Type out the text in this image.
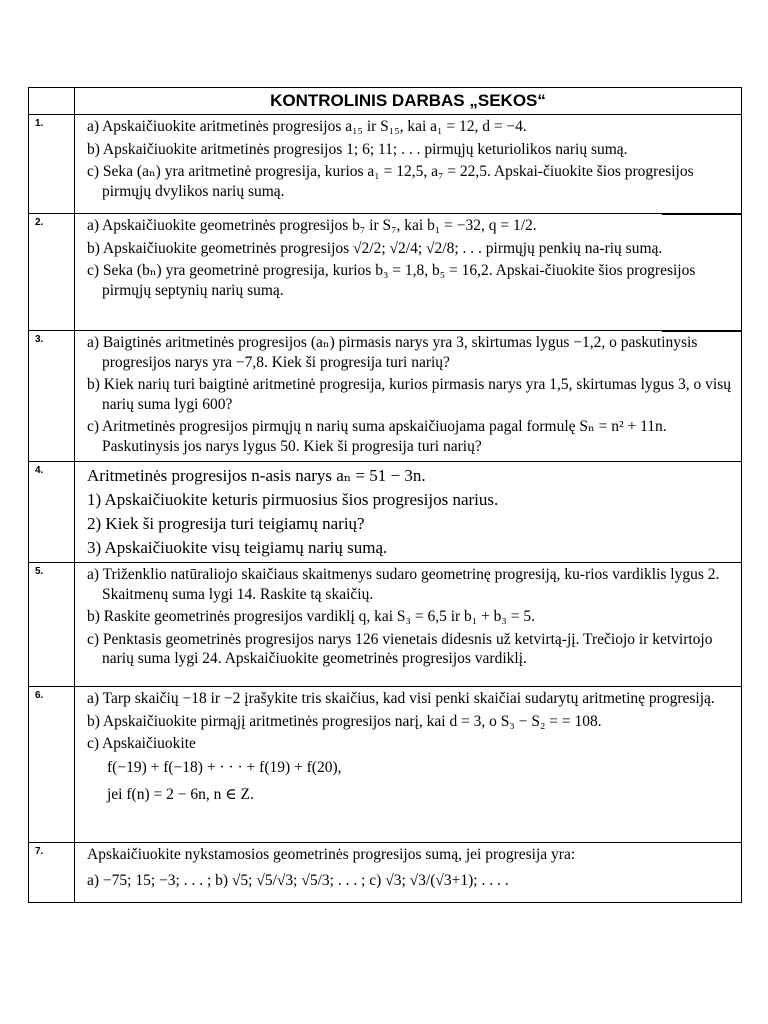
	KONTROLINIS DARBAS „SEKOS“

1.	a) Apskaičiuokite aritmetinės progresijos a₁₅ ir S₁₅, kai a₁ = 12, d = −4.
b) Apskaičiuokite aritmetinės progresijos 1; 6; 11; . . . pirmųjų keturiolikos narių sumą.
c) Seka (aₙ) yra aritmetinė progresija, kurios a₁ = 12,5, a₇ = 22,5. Apskai-čiuokite šios progresijos pirmųjų dvylikos narių sumą.

2.	a) Apskaičiuokite geometrinės progresijos b₇ ir S₇, kai b₁ = −32, q = 1/2.
b) Apskaičiuokite geometrinės progresijos √2/2; √2/4; √2/8; . . . pirmųjų penkių na-rių sumą.
c) Seka (bₙ) yra geometrinė progresija, kurios b₃ = 1,8, b₅ = 16,2. Apskai-čiuokite šios progresijos pirmųjų septynių narių sumą.

3.	a) Baigtinės aritmetinės progresijos (aₙ) pirmasis narys yra 3, skirtumas lygus −1,2, o paskutinysis progresijos narys yra −7,8. Kiek ši progresija turi narių?
b) Kiek narių turi baigtinė aritmetinė progresija, kurios pirmasis narys yra 1,5, skirtumas lygus 3, o visų narių suma lygi 600?
c) Aritmetinės progresijos pirmųjų n narių suma apskaičiuojama pagal formulę Sₙ = n² + 11n. Paskutinysis jos narys lygus 50. Kiek ši progresija turi narių?

4.	Aritmetinės progresijos n-asis narys aₙ = 51 − 3n.
1) Apskaičiuokite keturis pirmuosius šios progresijos narius.
2) Kiek ši progresija turi teigiamų narių?
3) Apskaičiuokite visų teigiamų narių sumą.

5.	a) Triženklio natūraliojo skaičiaus skaitmenys sudaro geometrinę progresiją, ku-rios vardiklis lygus 2. Skaitmenų suma lygi 14. Raskite tą skaičių.
b) Raskite geometrinės progresijos vardiklį q, kai S₃ = 6,5 ir b₁ + b₃ = 5.
c) Penktasis geometrinės progresijos narys 126 vienetais didesnis už ketvirtą-jį. Trečiojo ir ketvirtojo narių suma lygi 24. Apskaičiuokite geometrinės progresijos vardiklį.

6.	a) Tarp skaičių −18 ir −2 įrašykite tris skaičius, kad visi penki skaičiai sudarytų aritmetinę progresiją.
b) Apskaičiuokite pirmąjį aritmetinės progresijos narį, kai d = 3, o S₃ − S₂ = = 108.
c) Apskaičiuokite
f(−19) + f(−18) + · · · + f(19) + f(20),
jei f(n) = 2 − 6n, n ∈ Z.

7.	Apskaičiuokite nykstamosios geometrinės progresijos sumą, jei progresija yra:
a) −75; 15; −3; . . . ; b) √5; √5/√3; √5/3; . . . ; c) √3; √3/(√3+1); . . . .
